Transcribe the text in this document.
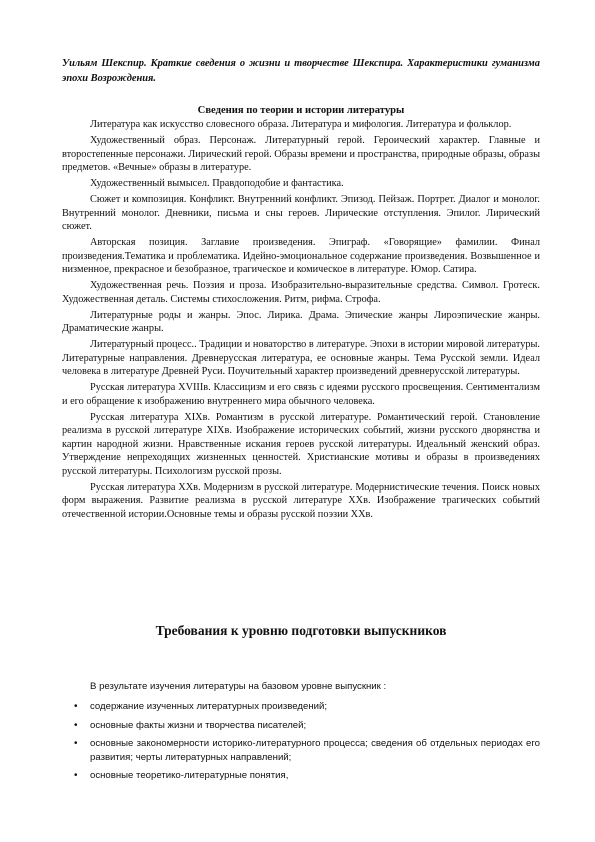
Уильям Шекспир. Краткие сведения о жизни и творчестве Шекспира. Характеристики гуманизма эпохи Возрождения.
Сведения по теории и истории литературы

Литература как искусство словесного образа. Литература и мифология. Литература и фольклор.

Художественный образ. Персонаж. Литературный герой. Героический характер. Главные и второстепенные персонажи. Лирический герой. Образы времени и пространства, природные образы, образы предметов. «Вечные» образы в литературе.

Художественный вымысел. Правдоподобие и фантастика.

Сюжет и композиция. Конфликт. Внутренний конфликт. Эпизод. Пейзаж. Портрет. Диалог и монолог. Внутренний монолог. Дневники, письма и сны героев. Лирические отступления. Эпилог. Лирический сюжет.

Авторская позиция. Заглавие произведения. Эпиграф. «Говорящие» фамилии. Финал произведения.Тематика и проблематика. Идейно-эмоциональное содержание произведения. Возвышенное и низменное, прекрасное и безобразное, трагическое и комическое в литературе. Юмор. Сатира.

Художественная речь. Поэзия и проза. Изобразительно-выразительные средства. Символ. Гротеск. Художественная деталь. Системы стихосложения. Ритм, рифма. Строфа.

Литературные роды и жанры. Эпос. Лирика. Драма. Эпические жанры Лироэпические жанры. Драматические жанры.

Литературный процесс.. Традиции и новаторство в литературе. Эпохи в истории мировой литературы. Литературные направления. Древнерусская литература, ее основные жанры. Тема Русской земли. Идеал человека в литературе Древней Руси. Поучительный характер произведений древнерусской литературы.

Русская литература XVIIIв. Классицизм и его связь с идеями русского просвещения. Сентиментализм и его обращение к изображению внутреннего мира обычного человека.

Русская литература XIXв. Романтизм в русской литературе. Романтический герой. Становление реализма в русской литературе XIXв. Изображение исторических событий, жизни русского дворянства и картин народной жизни. Нравственные искания героев русской литературы. Идеальный женский образ. Утверждение непреходящих жизненных ценностей. Христианские мотивы и образы в произведениях русской литературы. Психологизм русской прозы.

Русская литература XXв. Модернизм в русской литературе. Модернистические течения. Поиск новых форм выражения. Развитие реализма в русской литературе XXв. Изображение трагических событий отечественной истории.Основные темы и образы русской поэзии XXв.

Требования к уровню подготовки выпускников
В результате изучения литературы на базовом уровне выпускник :
• содержание изученных литературных произведений;
• основные факты жизни и творчества писателей;
• основные закономерности историко-литературного процесса; сведения об отдельных периодах его развития; черты литературных направлений;
• основные теоретико-литературные понятия,
